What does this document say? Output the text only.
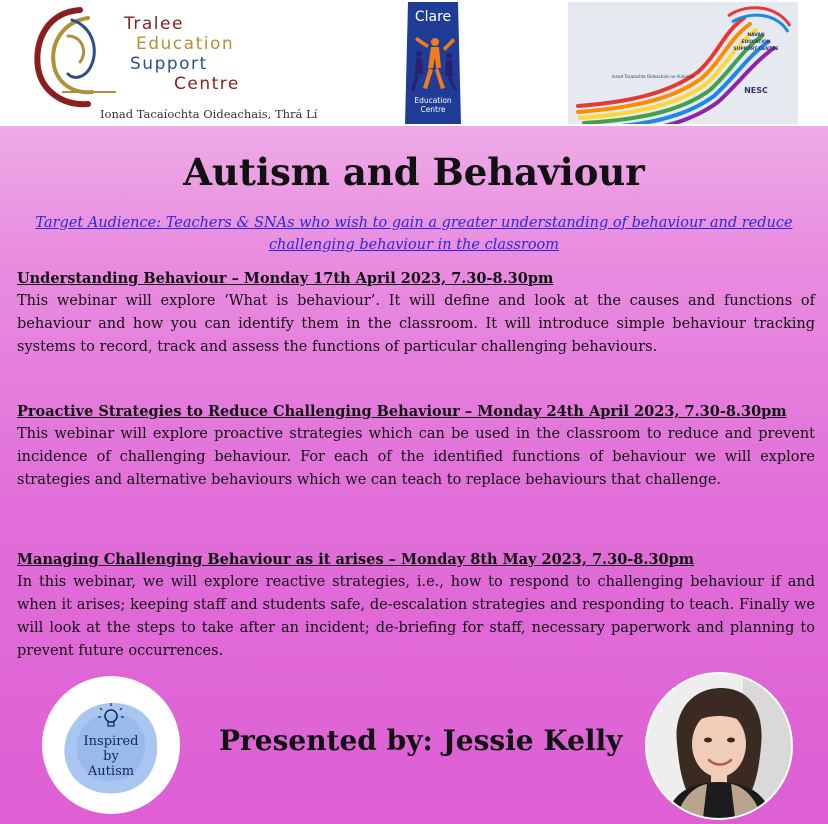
Tralee
Education
Support
Centre
Ionad Tacaíochta Oideachais, Thrá Lí
Clare
Education
Centre
NAVAN
EDUCATION
SUPPORT CENTRE
Ionad Tacaíochta Oideachais na hUaimhe
NESC
Autism and Behaviour
Target Audience: Teachers & SNAs who wish to gain a greater understanding of behaviour and reduce challenging behaviour in the classroom
Understanding Behaviour – Monday 17th April 2023, 7.30-8.30pm
This webinar will explore ‘What is behaviour’. It will define and look at the causes and functions of behaviour and how you can identify them in the classroom. It will introduce simple behaviour tracking systems to record, track and assess the functions of particular challenging behaviours.
Proactive Strategies to Reduce Challenging Behaviour – Monday 24th April 2023, 7.30-8.30pm
This webinar will explore proactive strategies which can be used in the classroom to reduce and prevent incidence of challenging behaviour. For each of the identified functions of behaviour we will explore strategies and alternative behaviours which we can teach to replace behaviours that challenge.
Managing Challenging Behaviour as it arises – Monday 8th May 2023, 7.30-8.30pm
In this webinar, we will explore reactive strategies, i.e., how to respond to challenging behaviour if and when it arises; keeping staff and students safe, de-escalation strategies and responding to teach. Finally we will look at the steps to take after an incident; de-briefing for staff, necessary paperwork and planning to prevent future occurrences.
Inspired
by
Autism
Presented by: Jessie Kelly
